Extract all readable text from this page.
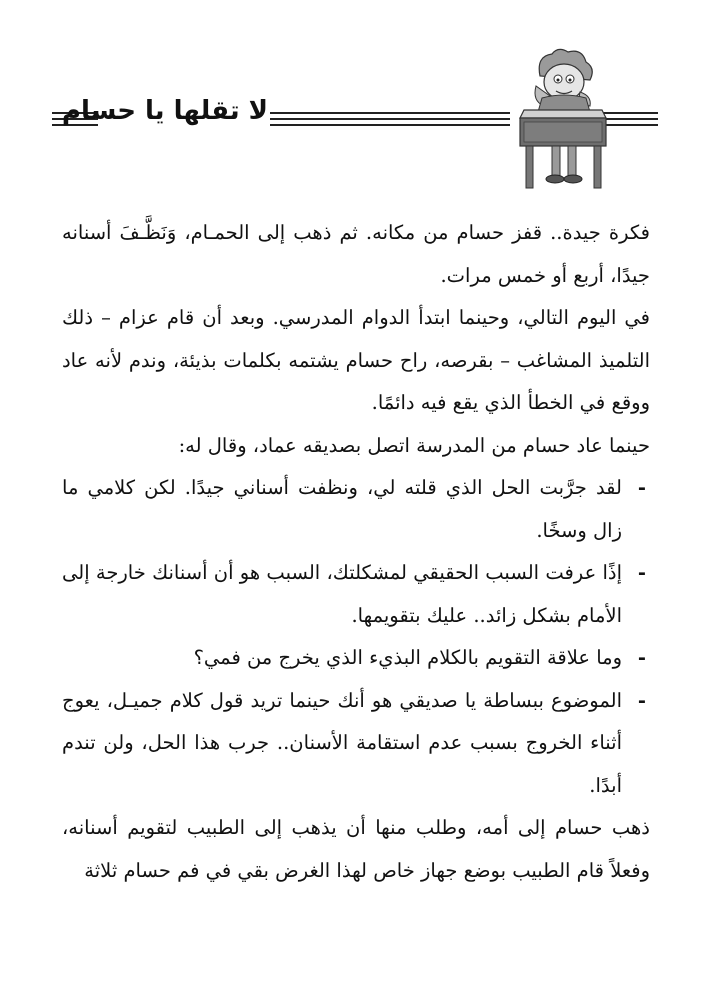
لا تقلها يا حسام

فكرة جيدة.. قفز حسام من مكانه. ثم ذهب إلى الحمـام، وَنَظَّـفَ أسنانه جيدًا، أربع أو خمس مرات.

في اليوم التالي، وحينما ابتدأ الدوام المدرسي. وبعد أن قام عزام – ذلك التلميذ المشاغب – بقرصه، راح حسام يشتمه بكلمات بذيئة، وندم لأنه عاد ووقع في الخطأ الذي يقع فيه دائمًا.

حينما عاد حسام من المدرسة اتصل بصديقه عماد، وقال له:

-
لقد جرَّبت الحل الذي قلته لي، ونظفت أسناني جيدًا. لكن كلامي ما زال وسخًا.

-
إذًا عرفت السبب الحقيقي لمشكلتك، السبب هو أن أسنانك خارجة إلى الأمام بشكل زائد.. عليك بتقويمها.

-
وما علاقة التقويم بالكلام البذيء الذي يخرج من فمي؟

-
الموضوع ببساطة يا صديقي هو أنك حينما تريد قول كلام جميـل، يعوج أثناء الخروج بسبب عدم استقامة الأسنان.. جرب هذا الحل، ولن تندم أبدًا.

ذهب حسام إلى أمه، وطلب منها أن يذهب إلى الطبيب لتقويم أسنانه، وفعلاً قام الطبيب بوضع جهاز خاص لهذا الغرض بقي في فم حسام ثلاثة
